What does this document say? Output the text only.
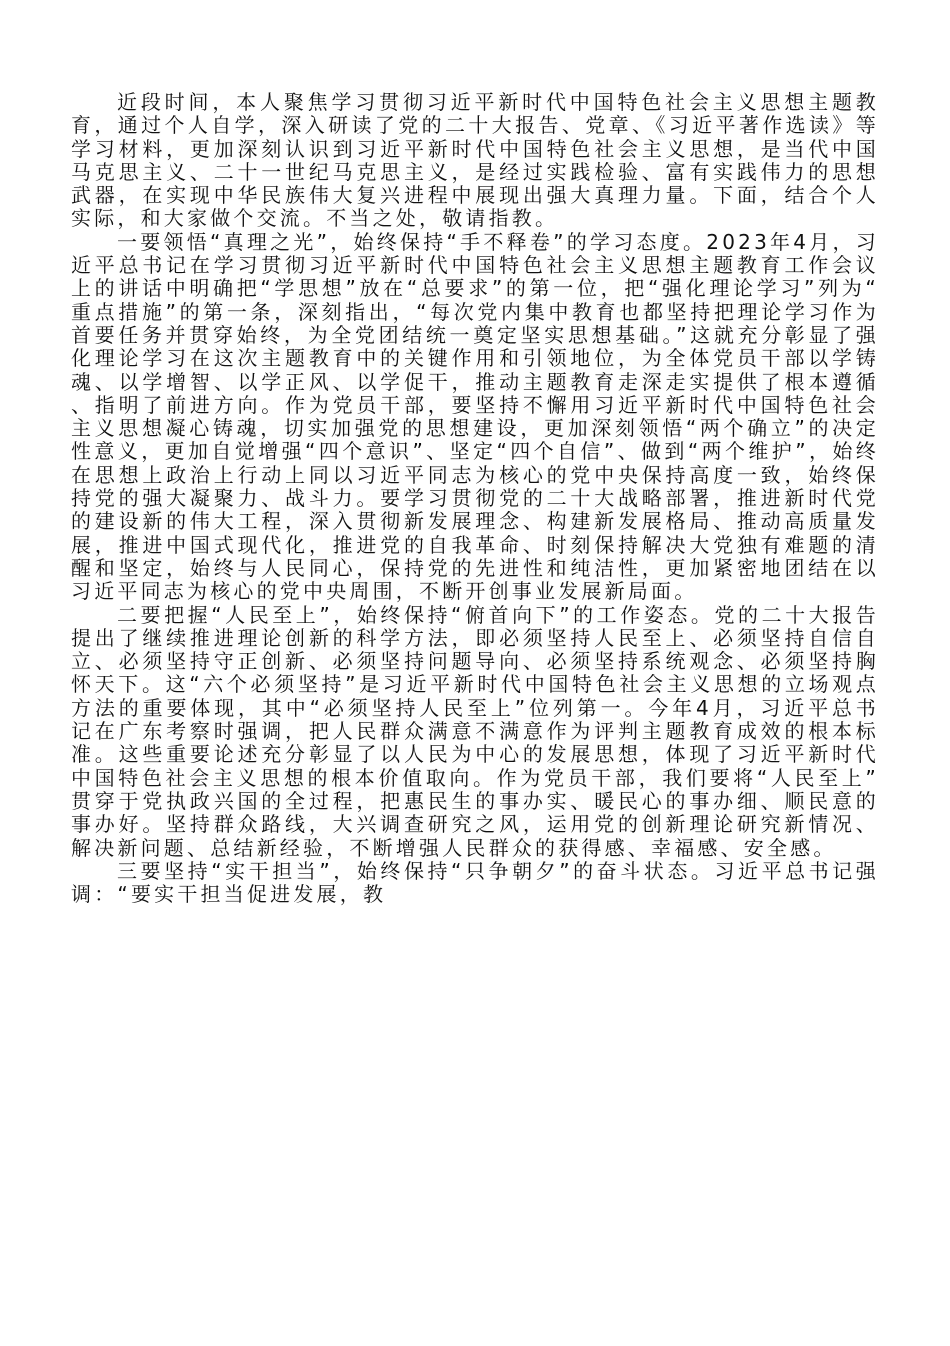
近段时间，本人聚焦学习贯彻习近平新时代中国特色社会主义思想主题教育，通过个人自学，深入研读了党的二十大报告、党章、《习近平著作选读》等学习材料，更加深刻认识到习近平新时代中国特色社会主义思想，是当代中国马克思主义、二十一世纪马克思主义，是经过实践检验、富有实践伟力的思想武器，在实现中华民族伟大复兴进程中展现出强大真理力量。下面，结合个人实际，和大家做个交流。不当之处，敬请指教。

一要领悟“真理之光”，始终保持“手不释卷”的学习态度。2023年4月，习近平总书记在学习贯彻习近平新时代中国特色社会主义思想主题教育工作会议上的讲话中明确把“学思想”放在“总要求”的第一位，把“强化理论学习”列为“重点措施”的第一条，深刻指出，“每次党内集中教育也都坚持把理论学习作为首要任务并贯穿始终，为全党团结统一奠定坚实思想基础。”这就充分彰显了强化理论学习在这次主题教育中的关键作用和引领地位，为全体党员干部以学铸魂、以学增智、以学正风、以学促干，推动主题教育走深走实提供了根本遵循、指明了前进方向。作为党员干部，要坚持不懈用习近平新时代中国特色社会主义思想凝心铸魂，切实加强党的思想建设，更加深刻领悟“两个确立”的决定性意义，更加自觉增强“四个意识”、坚定“四个自信”、做到“两个维护”，始终在思想上政治上行动上同以习近平同志为核心的党中央保持高度一致，始终保持党的强大凝聚力、战斗力。要学习贯彻党的二十大战略部署，推进新时代党的建设新的伟大工程，深入贯彻新发展理念、构建新发展格局、推动高质量发展，推进中国式现代化，推进党的自我革命、时刻保持解决大党独有难题的清醒和坚定，始终与人民同心，保持党的先进性和纯洁性，更加紧密地团结在以习近平同志为核心的党中央周围，不断开创事业发展新局面。

二要把握“人民至上”，始终保持“俯首向下”的工作姿态。党的二十大报告提出了继续推进理论创新的科学方法，即必须坚持人民至上、必须坚持自信自立、必须坚持守正创新、必须坚持问题导向、必须坚持系统观念、必须坚持胸怀天下。这“六个必须坚持”是习近平新时代中国特色社会主义思想的立场观点方法的重要体现，其中“必须坚持人民至上”位列第一。今年4月，习近平总书记在广东考察时强调，把人民群众满意不满意作为评判主题教育成效的根本标准。这些重要论述充分彰显了以人民为中心的发展思想，体现了习近平新时代中国特色社会主义思想的根本价值取向。作为党员干部，我们要将“人民至上”贯穿于党执政兴国的全过程，把惠民生的事办实、暖民心的事办细、顺民意的事办好。坚持群众路线，大兴调查研究之风，运用党的创新理论研究新情况、解决新问题、总结新经验，不断增强人民群众的获得感、幸福感、安全感。

三要坚持“实干担当”，始终保持“只争朝夕”的奋斗状态。习近平总书记强调：“要实干担当促进发展，教
